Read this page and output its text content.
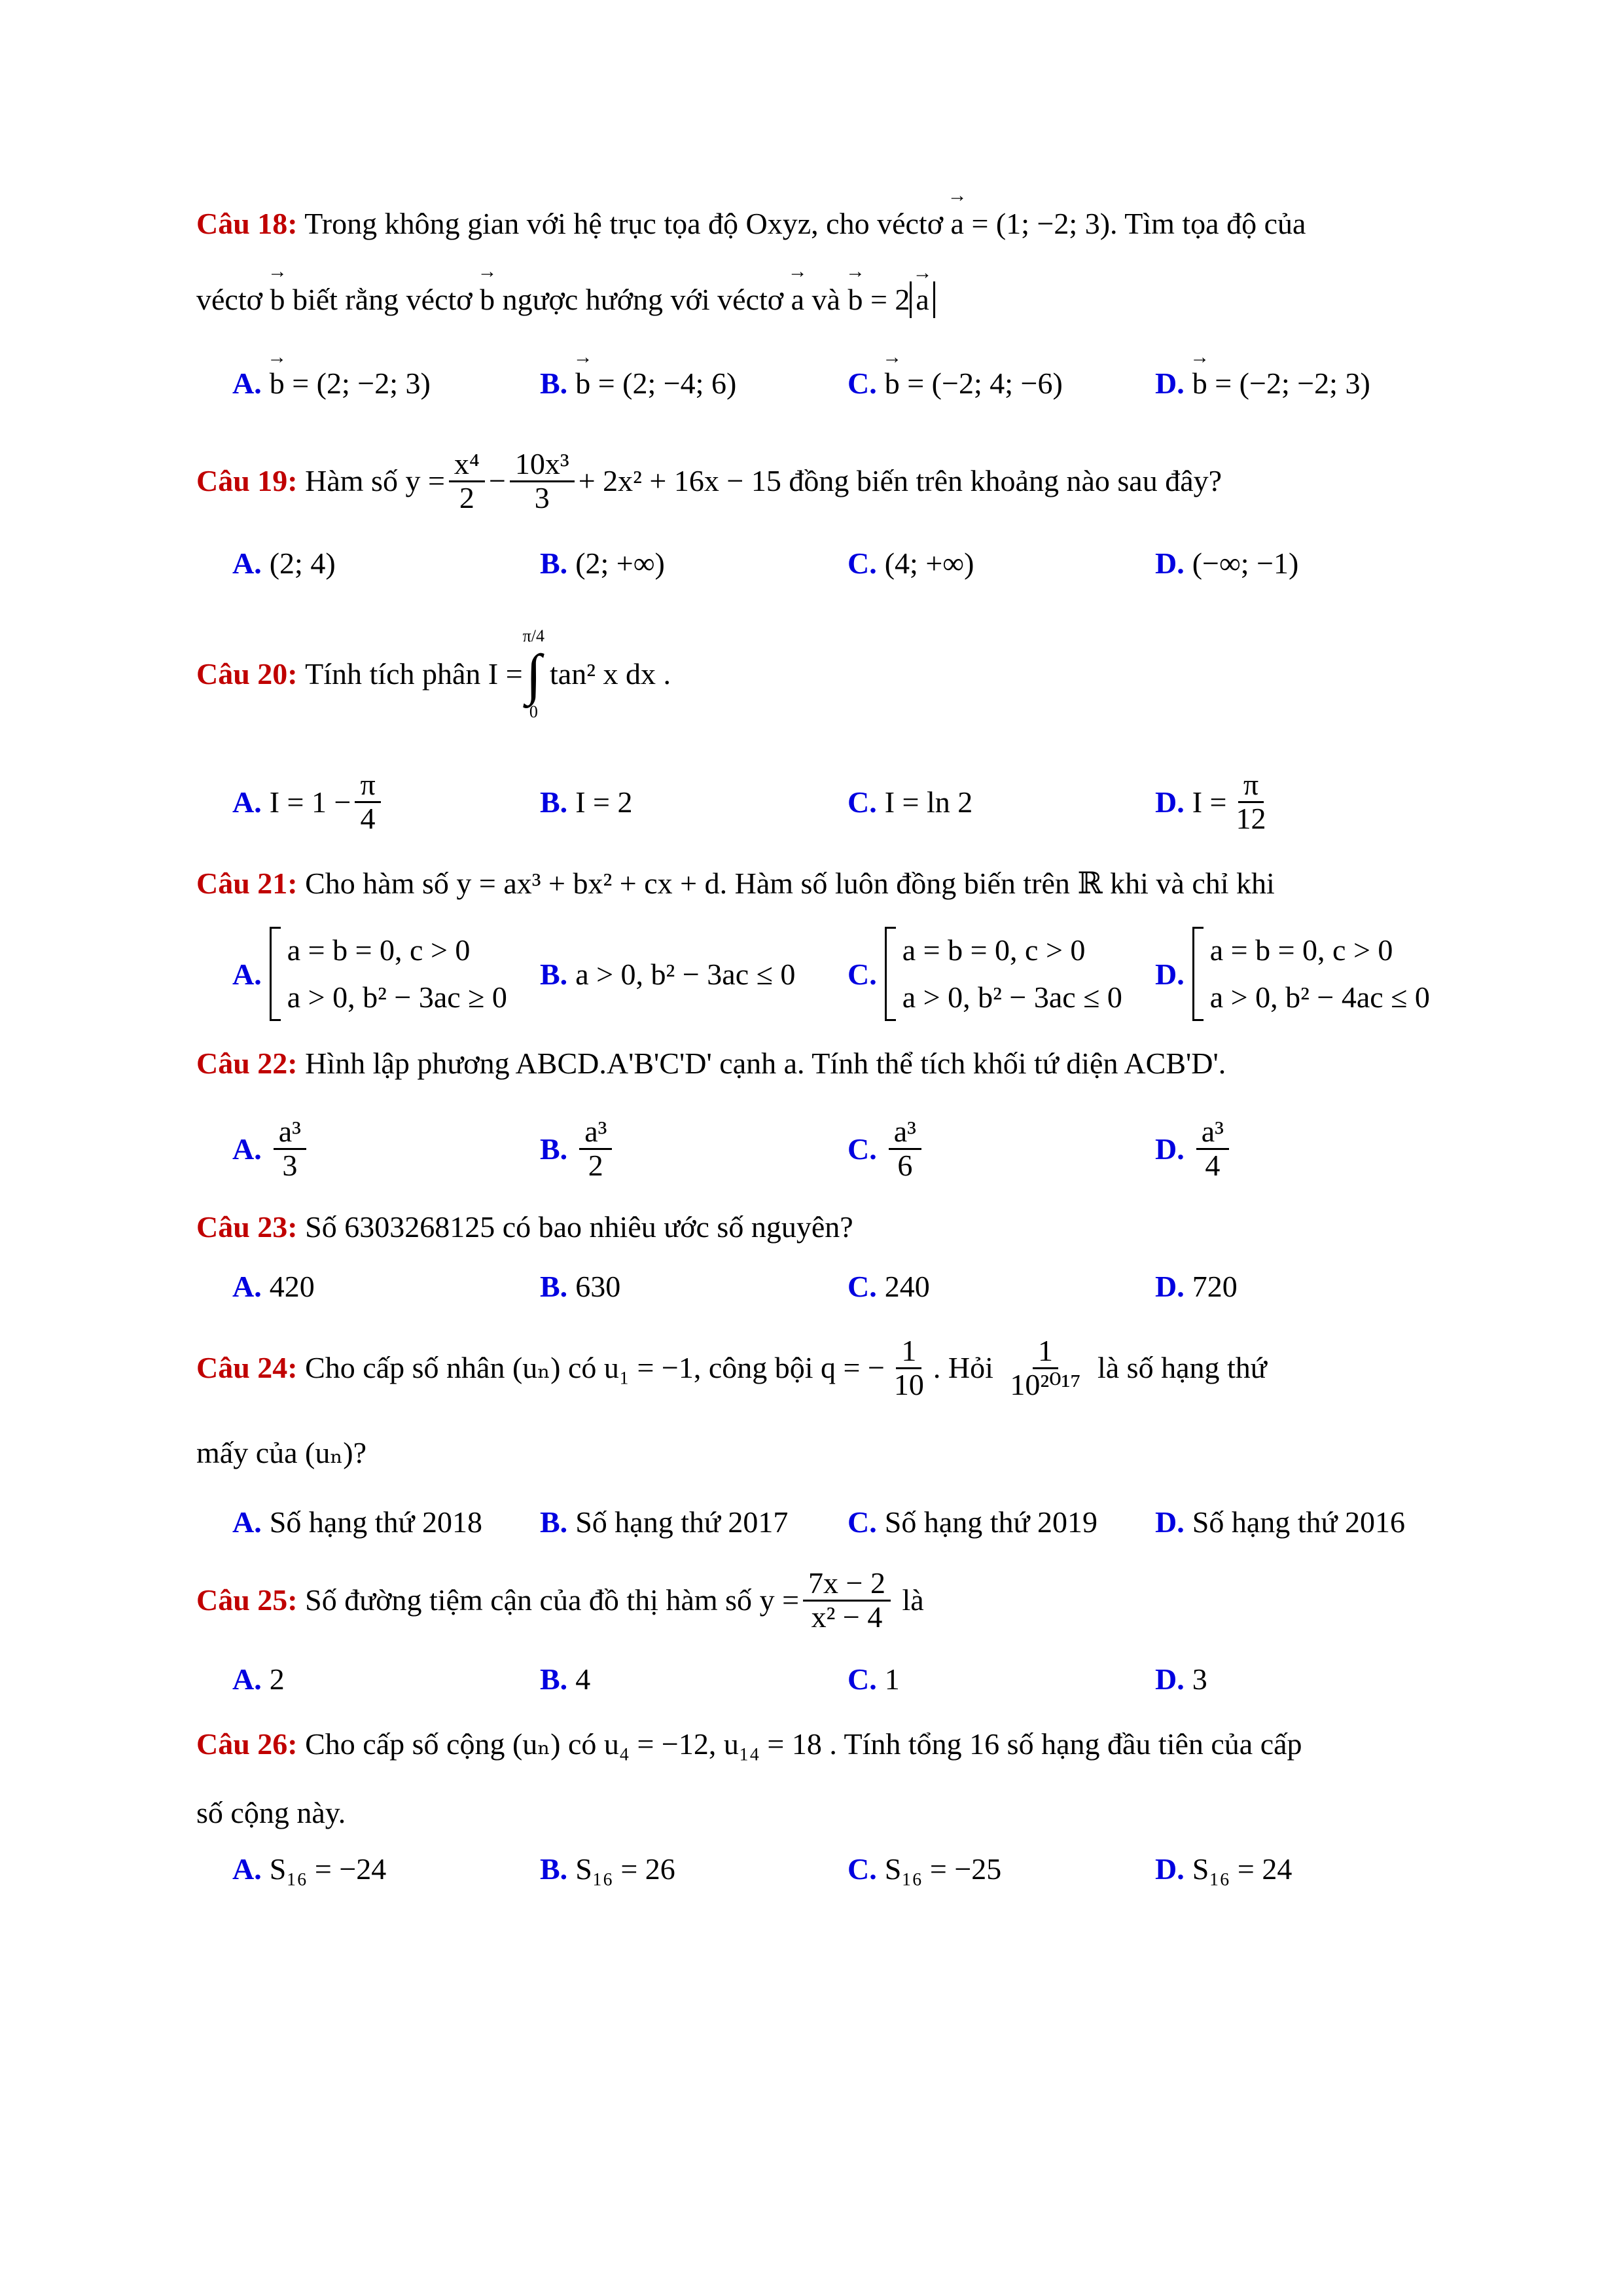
Câu 18: Trong không gian với hệ trục tọa độ Oxyz, cho véctơ → a = (1; −2; 3). Tìm tọa độ của
véctơ → b biết rằng véctơ → b ngược hướng với véctơ → a và → b = 2 → a
A. → b
= (2; −2; 3)	B. → b
= (2; −4; 6)	C. → b
= (−2; 4; −6)	D. → b
= (−2; −2; 3)
Câu 19:
Hàm số
$y = \frac{\text{x⁴}}{2} - \frac{\text{10x³}}{3} + 2x^2 + 16x - 15$
đồng biến trên khoảng nào sau đây?
A. (2; 4)	B. (2; +∞)	C. (4; +∞)	D. (−∞; −1)
Câu 20:
Tính tích phân
I =
π/4
∫
0
tan² x dx .
A. $I = 1 - \frac{\pi}{4}$	B. I = 2	C. I = ln 2	D. $I = \frac{\pi}{12}$
Câu 21: Cho hàm số y = ax³ + bx² + cx + d. Hàm số luôn đồng biến trên ℝ khi và chỉ khi
A.
a = b = 0, c > 0
a > 0, b² − 3ac ≥ 0
B. a > 0, b² − 3ac ≤ 0 C.
a = b = 0, c > 0
a > 0, b² − 3ac ≤ 0
D.
a = b = 0, c > 0
a > 0, b² − 4ac ≤ 0
Câu 22: Hình lập phương ABCD.A'B'C'D' cạnh a. Tính thể tích khối tứ diện ACB'D'.
A. $\frac{\text{a³}}{3}$	B. $\frac{\text{a³}}{2}$	C. $\frac{\text{a³}}{6}$	D. $\frac{\text{a³}}{4}$
Câu 23: Số 6303268125 có bao nhiêu ước số nguyên?
A. 420	B. 630	C. 240	D. 720
Câu 24:
Cho cấp số nhân (uₙ) có u₁ = −1, công bội q = − $\frac{1}{10}$ . Hỏi
$\frac{1}{\text{10²⁰¹⁷}}$
là số hạng thứ
mấy của (uₙ)?
A. Số hạng thứ 2018 B. Số hạng thứ 2017 C. Số hạng thứ 2019 D. Số hạng thứ 2016
Câu 25:
Số đường tiệm cận của đồ thị hàm số
$y = \frac{7x - 2}{\text{x² − 4}}$
là
A. 2	B. 4	C. 1	D. 3
Câu 26: Cho cấp số cộng (uₙ) có u₄ = −12, u₁₄ = 18 . Tính tổng 16 số hạng đầu tiên của cấp
số cộng này.
A. S₁₆ = −24	B. S₁₆ = 26	C. S₁₆ = −25	D. S₁₆ = 24
